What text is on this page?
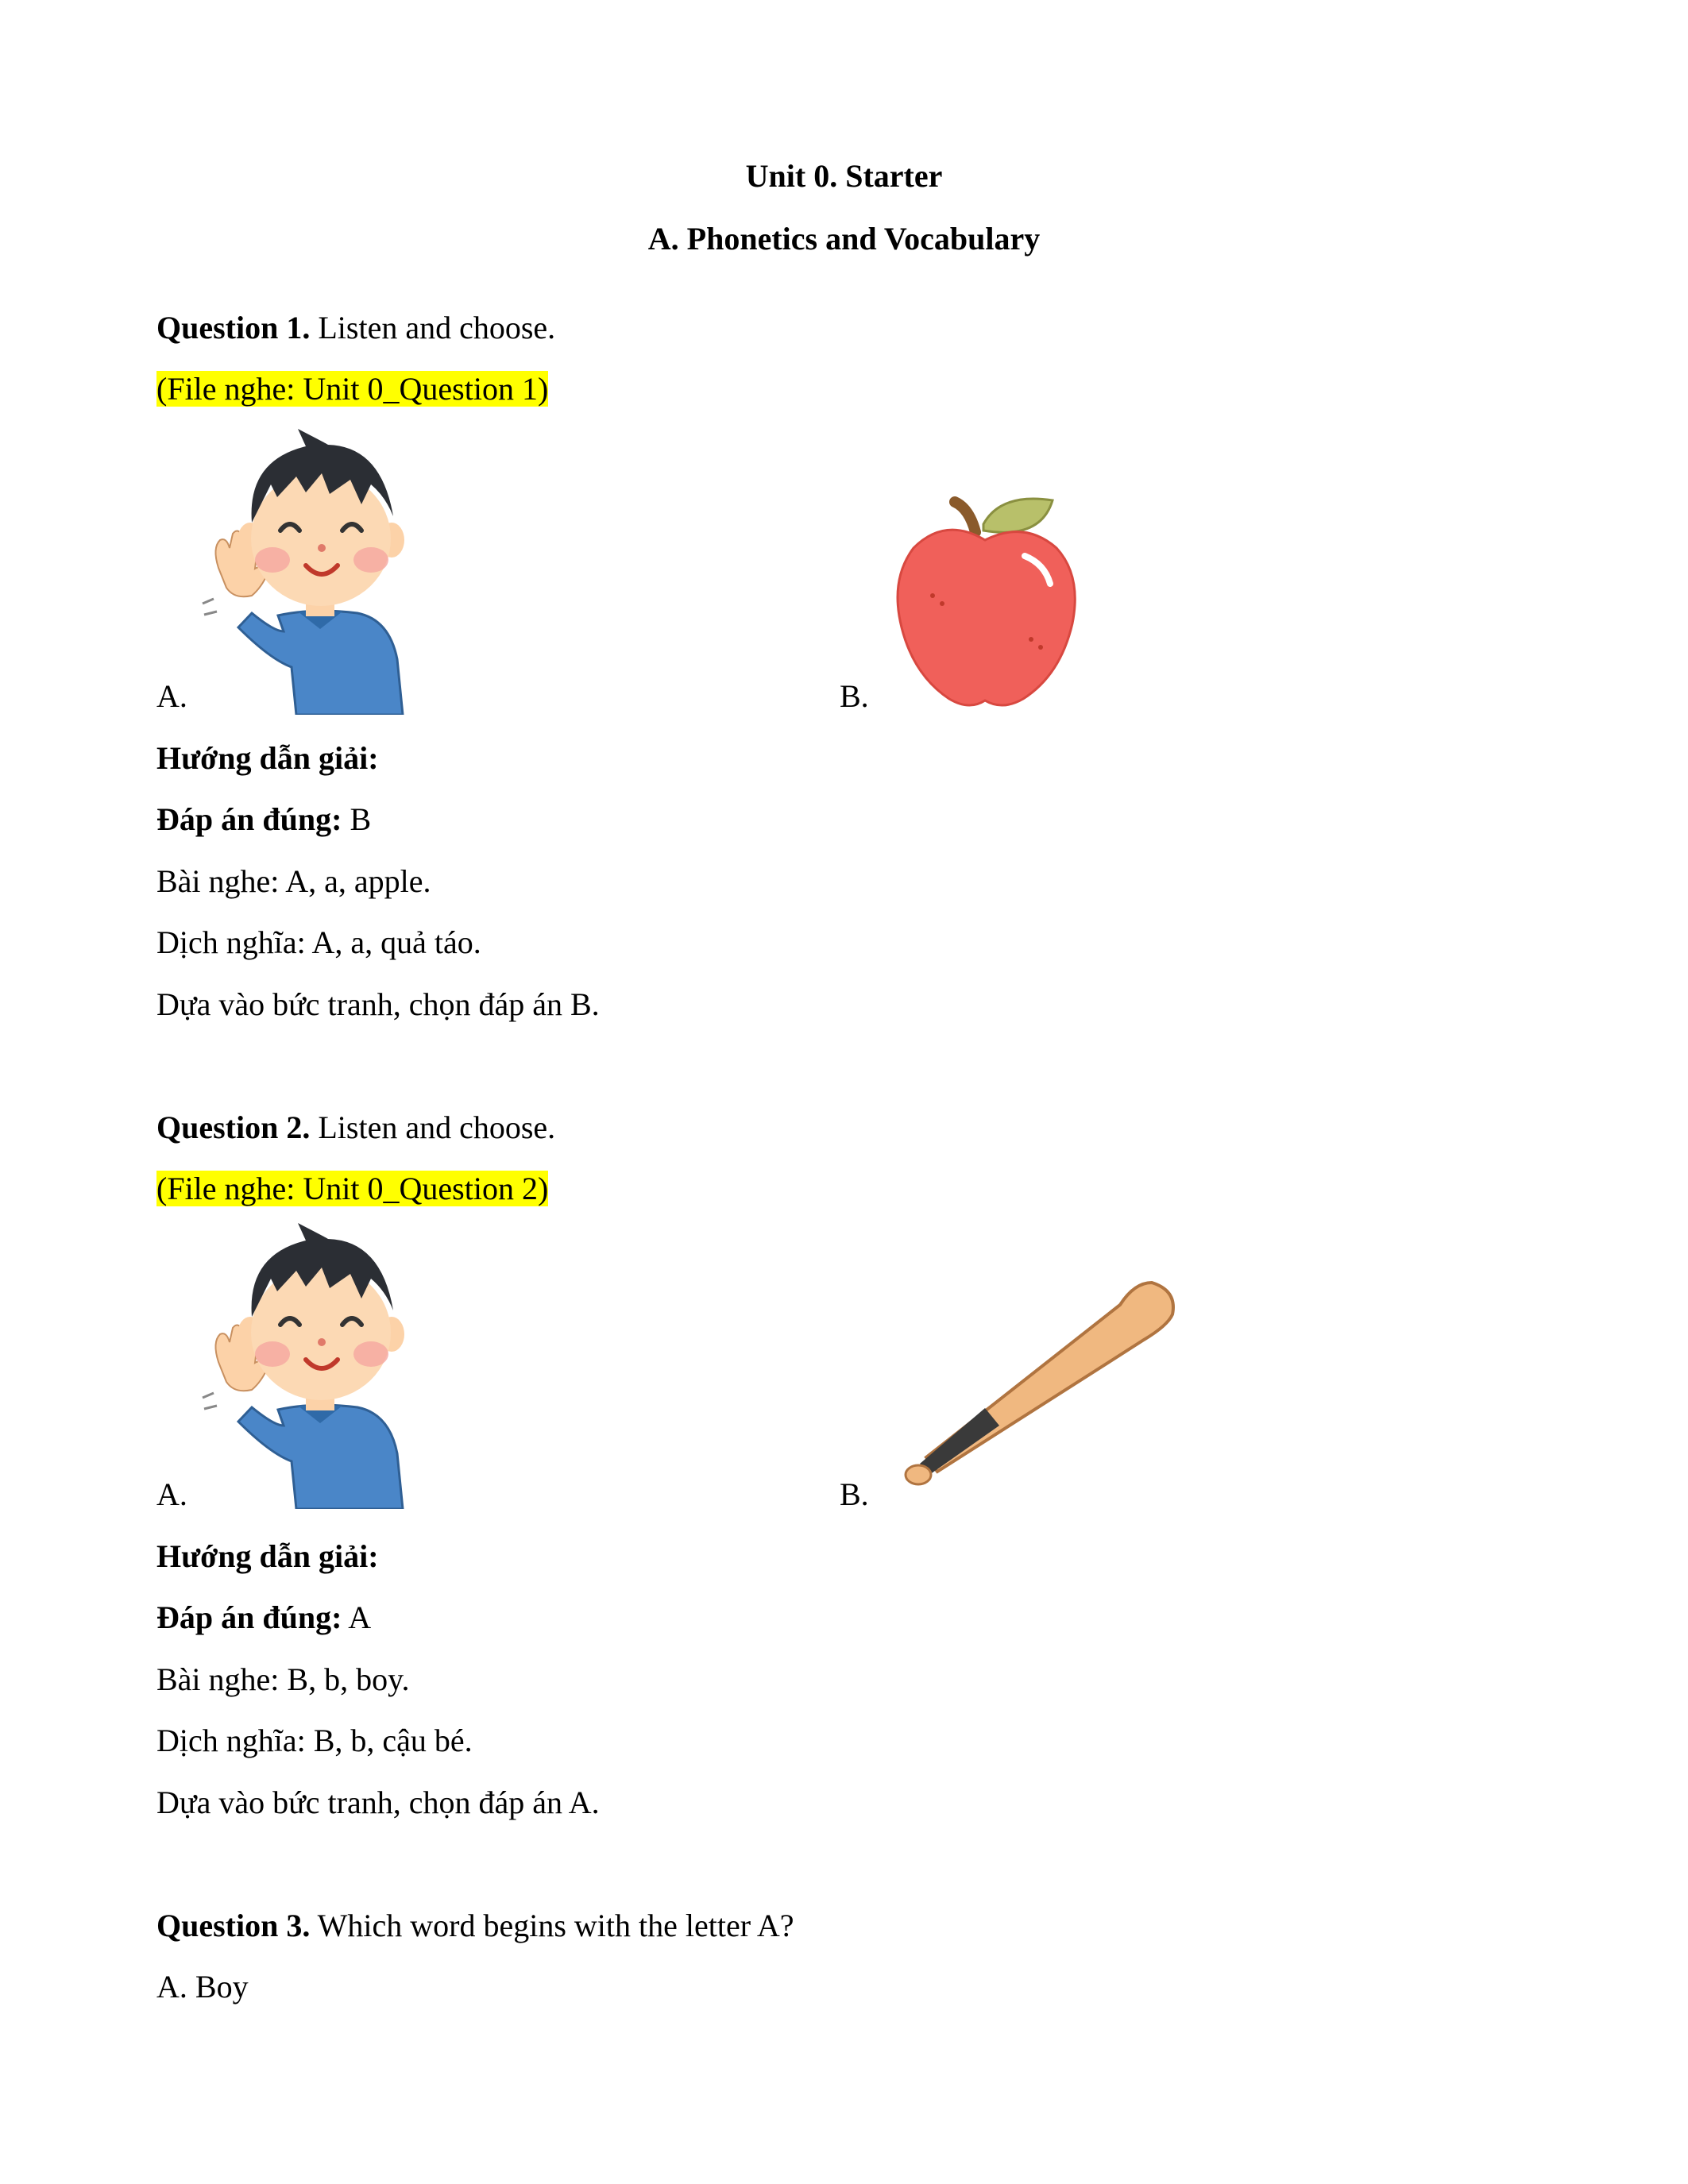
Unit 0. Starter
A. Phonetics and Vocabulary
Question 1. Listen and choose.
(File nghe: Unit 0_Question 1)
A.	B.
Hướng dẫn giải:
Đáp án đúng: B
Bài nghe: A, a, apple.
Dịch nghĩa: A, a, quả táo.
Dựa vào bức tranh, chọn đáp án B.
Question 2. Listen and choose.
(File nghe: Unit 0_Question 2)
A.	B.
Hướng dẫn giải:
Đáp án đúng: A
Bài nghe: B, b, boy.
Dịch nghĩa: B, b, cậu bé.
Dựa vào bức tranh, chọn đáp án A.
Question 3. Which word begins with the letter A?
A. Boy
